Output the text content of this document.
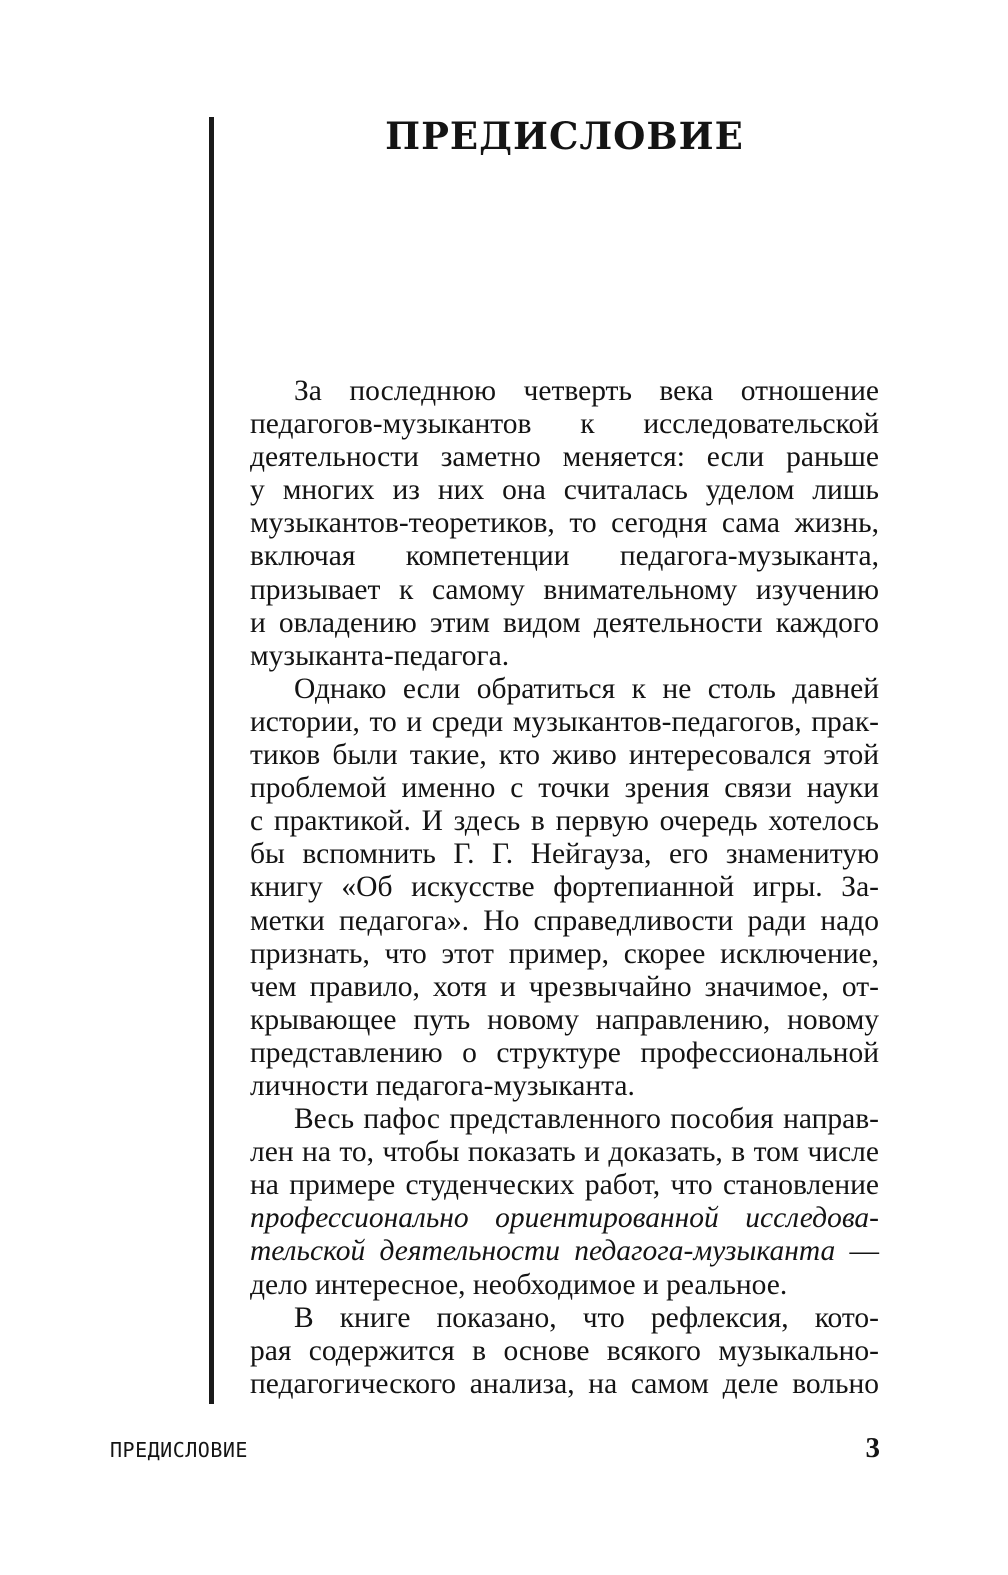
ПРЕДИСЛОВИЕ

За последнюю четверть века отношение
педагогов-музыкантов к исследовательской
деятельности заметно меняется: если раньше
у многих из них она считалась уделом лишь
музыкантов-теоретиков, то сегодня сама жизнь,
включая компетенции педагога-музыканта,
призывает к самому внимательному изучению
и овладению этим видом деятельности каждого
музыканта-педагога.

Однако если обратиться к не столь давней
истории, то и среди музыкантов-педагогов, прак-
тиков были такие, кто живо интересовался этой
проблемой именно с точки зрения связи науки
с практикой. И здесь в первую очередь хотелось
бы вспомнить Г. Г. Нейгауза, его знаменитую
книгу «Об искусстве фортепианной игры. За-
метки педагога». Но справедливости ради надо
признать, что этот пример, скорее исключение,
чем правило, хотя и чрезвычайно значимое, от-
крывающее путь новому направлению, новому
представлению о структуре профессиональной
личности педагога-музыканта.

Весь пафос представленного пособия направ-
лен на то, чтобы показать и доказать, в том числе
на примере студенческих работ, что становление
профессионально ориентированной исследова-
тельской деятельности педагога-музыканта —
дело интересное, необходимое и реальное.

В книге показано, что рефлексия, кото-
рая содержится в основе всякого музыкально-
педагогического анализа, на самом деле вольно

ПРЕДИСЛОВИЕ	3
